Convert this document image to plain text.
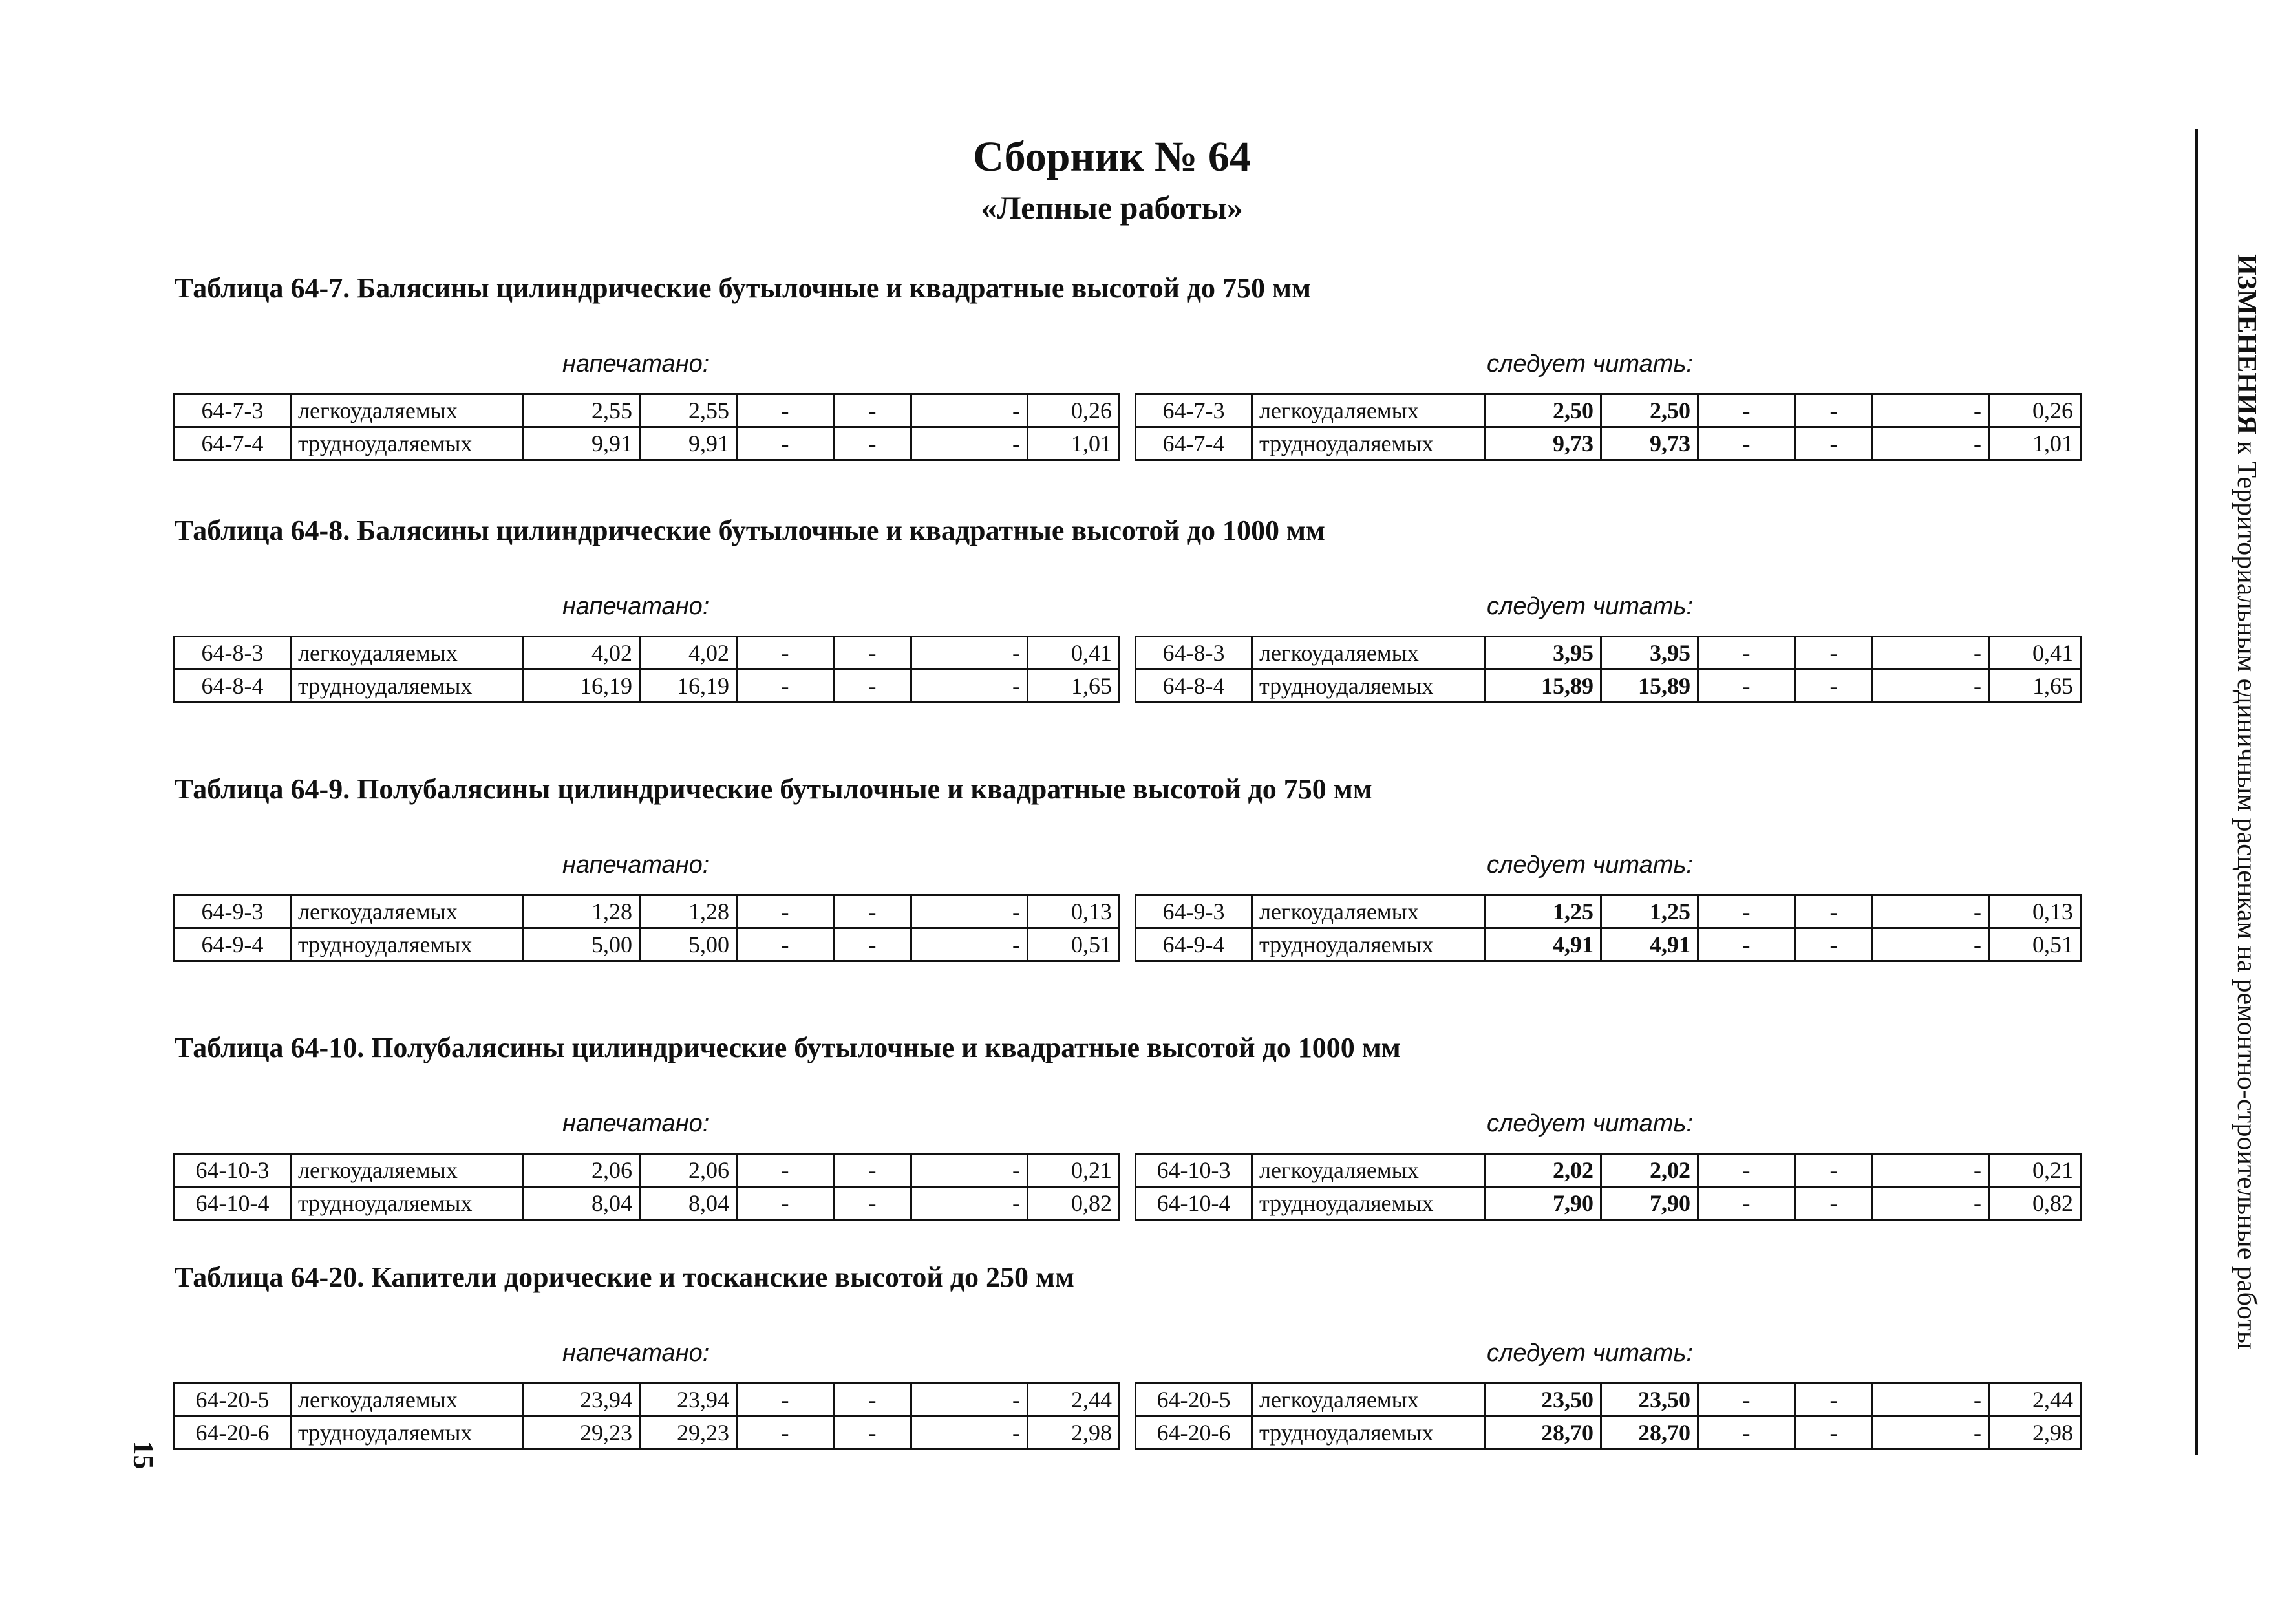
Сборник № 64
«Лепные работы»
Таблица 64-7. Балясины цилиндрические бутылочные и квадратные высотой до 750 мм
напечатано:	следует читать:
64-7-3	легкоудаляемых	2,55	2,55	-	-	-	0,26
64-7-4	трудноудаляемых	9,91	9,91	-	-	-	1,01
64-7-3	легкоудаляемых	2,50	2,50	-	-	-	0,26
64-7-4	трудноудаляемых	9,73	9,73	-	-	-	1,01
Таблица 64-8. Балясины цилиндрические бутылочные и квадратные высотой до 1000 мм
напечатано:	следует читать:
64-8-3	легкоудаляемых	4,02	4,02	-	-	-	0,41
64-8-4	трудноудаляемых	16,19	16,19	-	-	-	1,65
64-8-3	легкоудаляемых	3,95	3,95	-	-	-	0,41
64-8-4	трудноудаляемых	15,89	15,89	-	-	-	1,65
Таблица 64-9. Полубалясины цилиндрические бутылочные и квадратные высотой до 750 мм
напечатано:	следует читать:
64-9-3	легкоудаляемых	1,28	1,28	-	-	-	0,13
64-9-4	трудноудаляемых	5,00	5,00	-	-	-	0,51
64-9-3	легкоудаляемых	1,25	1,25	-	-	-	0,13
64-9-4	трудноудаляемых	4,91	4,91	-	-	-	0,51
Таблица 64-10. Полубалясины цилиндрические бутылочные и квадратные высотой до 1000 мм
напечатано:	следует читать:
64-10-3	легкоудаляемых	2,06	2,06	-	-	-	0,21
64-10-4	трудноудаляемых	8,04	8,04	-	-	-	0,82
64-10-3	легкоудаляемых	2,02	2,02	-	-	-	0,21
64-10-4	трудноудаляемых	7,90	7,90	-	-	-	0,82
Таблица 64-20. Капители дорические и тосканские высотой до 250 мм
напечатано:	следует читать:
64-20-5	легкоудаляемых	23,94	23,94	-	-	-	2,44
64-20-6	трудноудаляемых	29,23	29,23	-	-	-	2,98
64-20-5	легкоудаляемых	23,50	23,50	-	-	-	2,44
64-20-6	трудноудаляемых	28,70	28,70	-	-	-	2,98
ИЗМЕНЕНИЯ к Территориальным единичным расценкам на ремонтно-строительные работы
15
